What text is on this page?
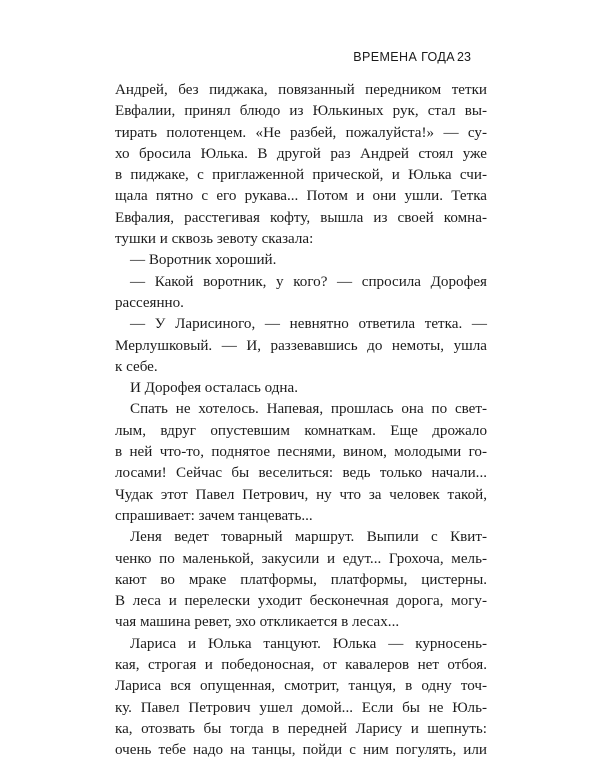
ВРЕМЕНА ГОДА 23
Андрей, без пиджака, повязанный передником тетки
Евфалии, принял блюдо из Юлькиных рук, стал вы-
тирать полотенцем. «Не разбей, пожалуйста!» — су-
хо бросила Юлька. В другой раз Андрей стоял уже
в пиджаке, с приглаженной прической, и Юлька счи-
щала пятно с его рукава... Потом и они ушли. Тетка
Евфалия, расстегивая кофту, вышла из своей комна-
тушки и сквозь зевоту сказала:
— Воротник хороший.
— Какой воротник, у кого? — спросила Дорофея
рассеянно.
— У Ларисиного, — невнятно ответила тетка. —
Мерлушковый. — И, раззевавшись до немоты, ушла
к себе.
И Дорофея осталась одна.
Спать не хотелось. Напевая, прошлась она по свет-
лым, вдруг опустевшим комнаткам. Еще дрожало
в ней что-то, поднятое песнями, вином, молодыми го-
лосами! Сейчас бы веселиться: ведь только начали...
Чудак этот Павел Петрович, ну что за человек такой,
спрашивает: зачем танцевать...
Леня ведет товарный маршрут. Выпили с Квит-
ченко по маленькой, закусили и едут... Грохоча, мель-
кают во мраке платформы, платформы, цистерны.
В леса и перелески уходит бесконечная дорога, могу-
чая машина ревет, эхо откликается в лесах...
Лариса и Юлька танцуют. Юлька — курносень-
кая, строгая и победоносная, от кавалеров нет отбоя.
Лариса вся опущенная, смотрит, танцуя, в одну точ-
ку. Павел Петрович ушел домой... Если бы не Юль-
ка, отозвать бы тогда в передней Ларису и шепнуть:
очень тебе надо на танцы, пойди с ним погулять, или
